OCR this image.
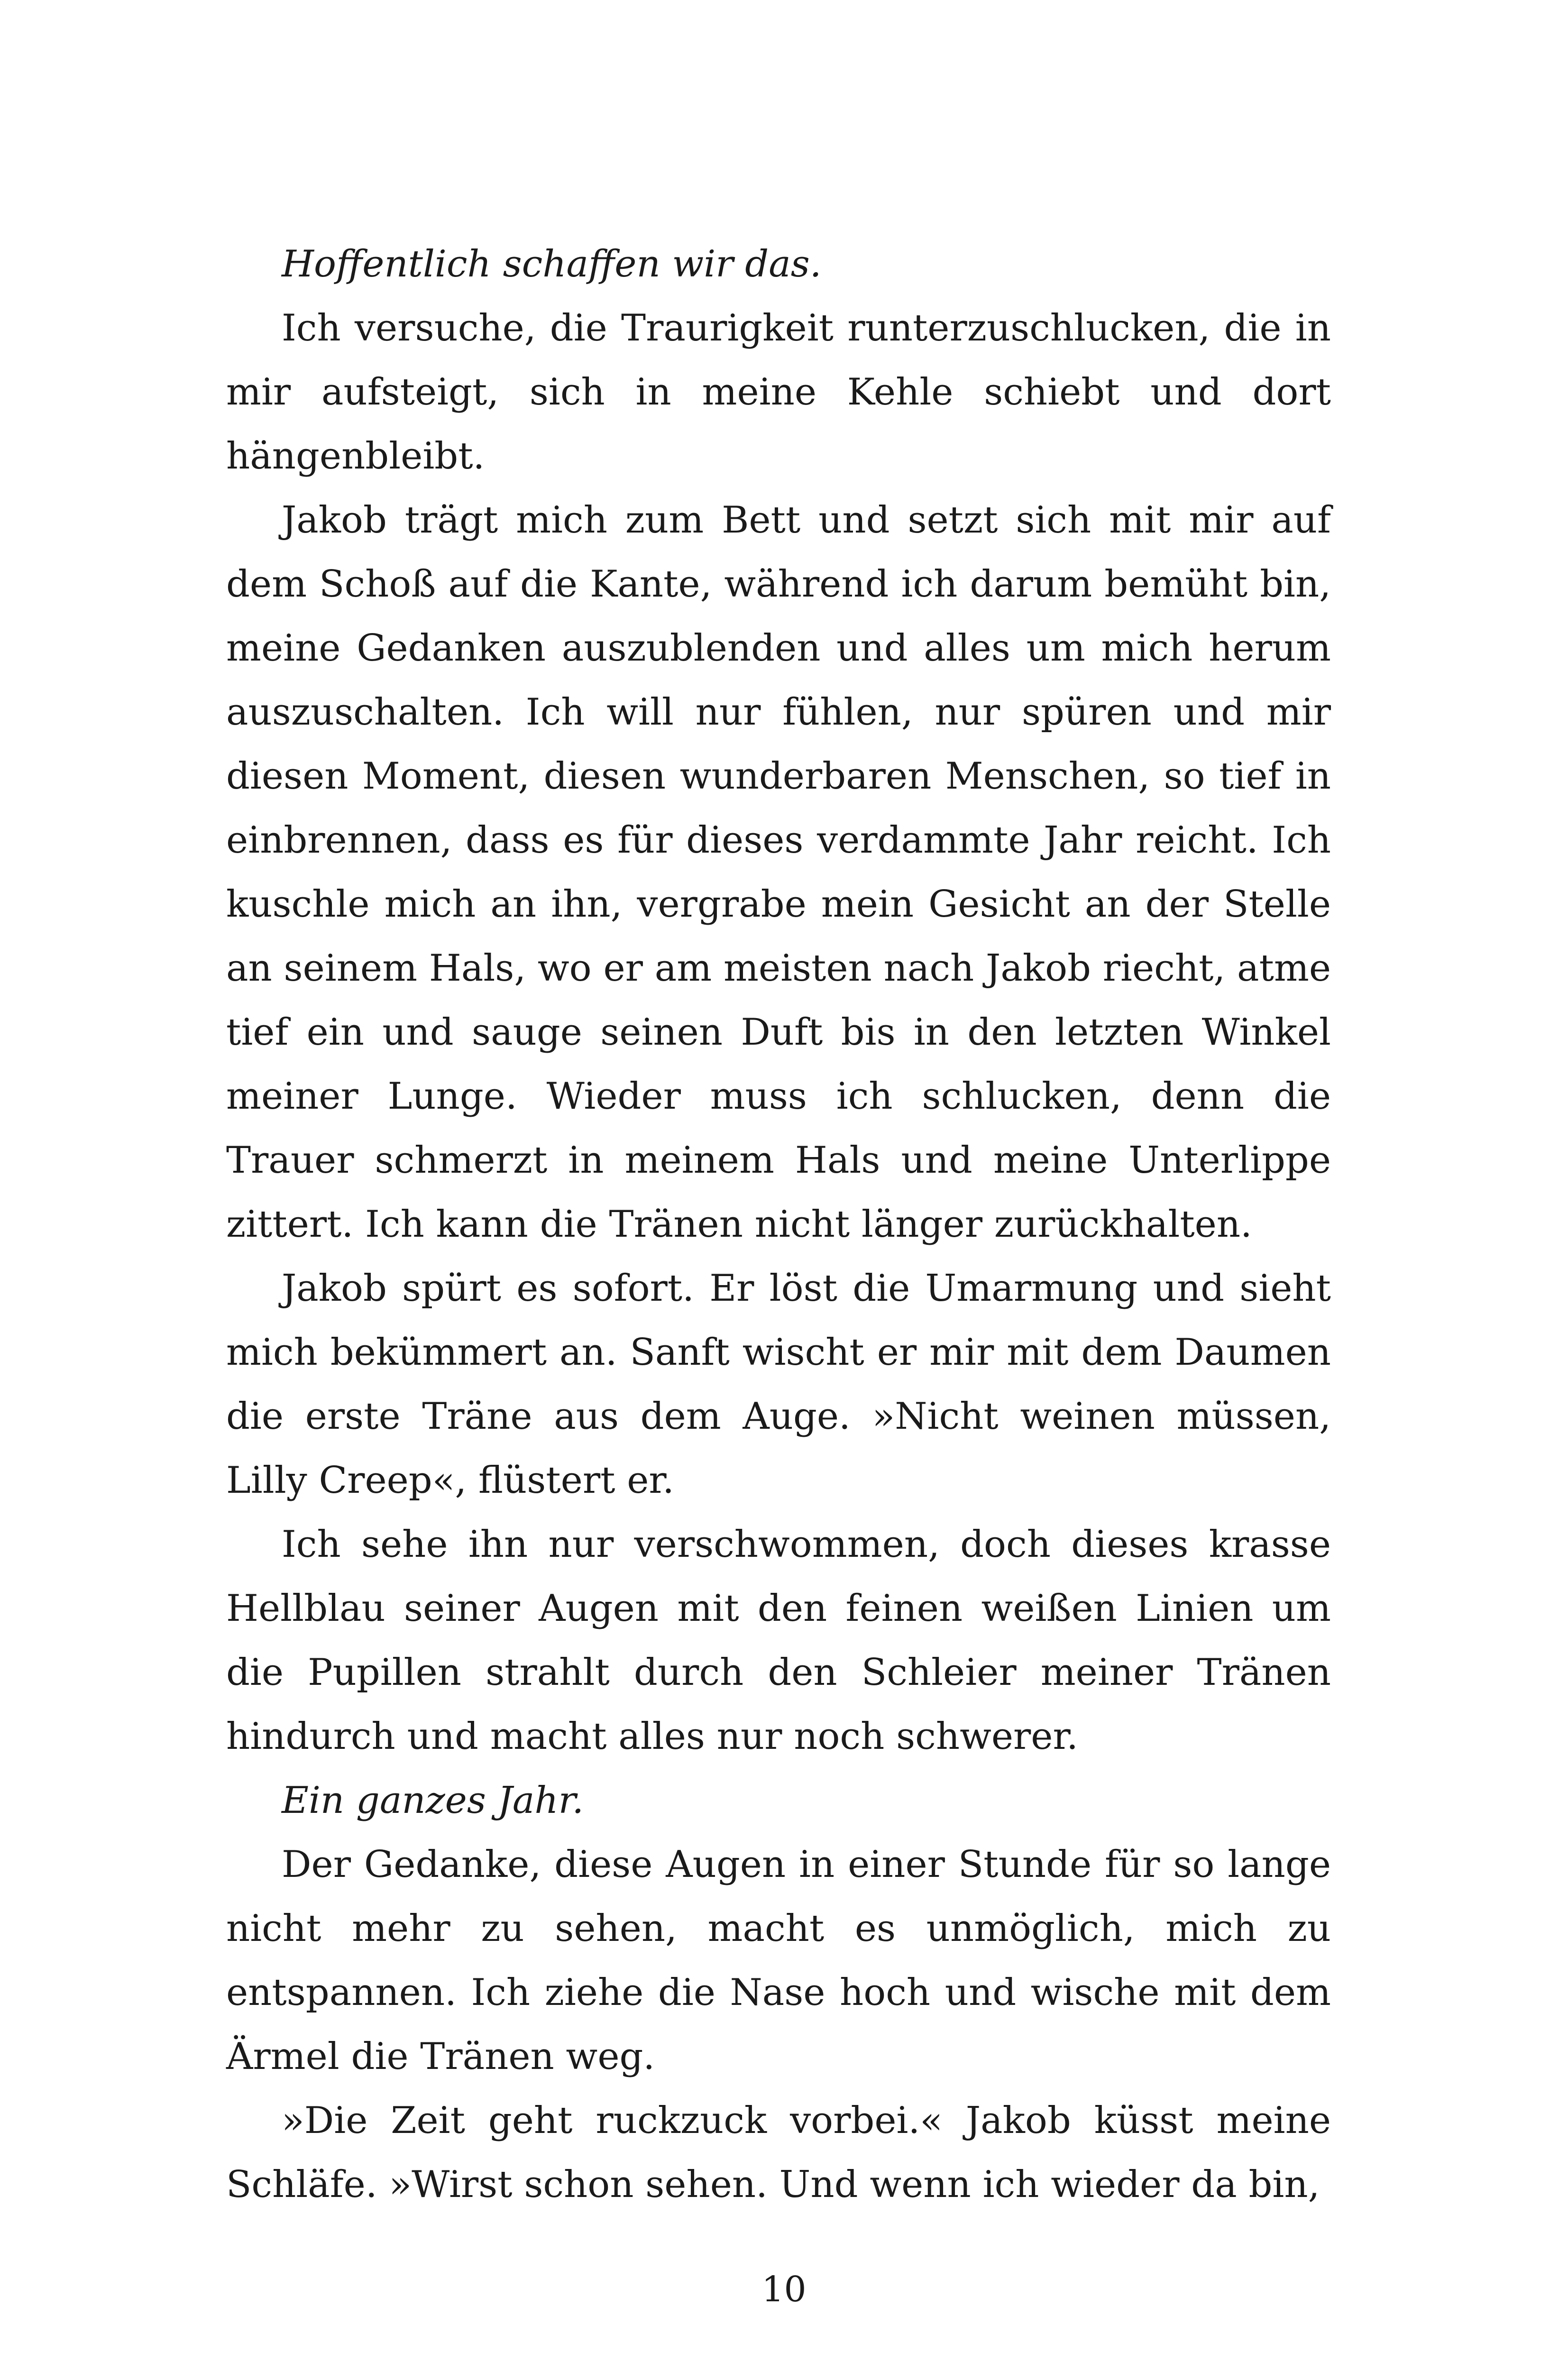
Hoffentlich schaffen wir das.

Ich versuche, die Traurigkeit runterzuschlucken, die in mir aufsteigt, sich in meine Kehle schiebt und dort hängenbleibt.

Jakob trägt mich zum Bett und setzt sich mit mir auf dem Schoß auf die Kante, während ich darum bemüht bin, meine Gedanken auszublenden und alles um mich herum auszuschalten. Ich will nur fühlen, nur spüren und mir diesen Moment, diesen wunderbaren Menschen, so tief in einbrennen, dass es für dieses verdammte Jahr reicht. Ich kuschle mich an ihn, vergrabe mein Gesicht an der Stelle an seinem Hals, wo er am meisten nach Jakob riecht, atme tief ein und sauge seinen Duft bis in den letzten Winkel meiner Lunge. Wieder muss ich schlucken, denn die Trauer schmerzt in meinem Hals und meine Unterlippe zittert. Ich kann die Tränen nicht länger zurückhalten.

Jakob spürt es sofort. Er löst die Umarmung und sieht mich bekümmert an. Sanft wischt er mir mit dem Daumen die erste Träne aus dem Auge. »Nicht weinen müssen, Lilly Creep«, flüstert er.

Ich sehe ihn nur verschwommen, doch dieses krasse Hellblau seiner Augen mit den feinen weißen Linien um die Pupillen strahlt durch den Schleier meiner Tränen hindurch und macht alles nur noch schwerer.

Ein ganzes Jahr.

Der Gedanke, diese Augen in einer Stunde für so lange nicht mehr zu sehen, macht es unmöglich, mich zu entspannen. Ich ziehe die Nase hoch und wische mit dem Ärmel die Tränen weg.

»Die Zeit geht ruckzuck vorbei.« Jakob küsst meine Schläfe. »Wirst schon sehen. Und wenn ich wieder da bin,

10
